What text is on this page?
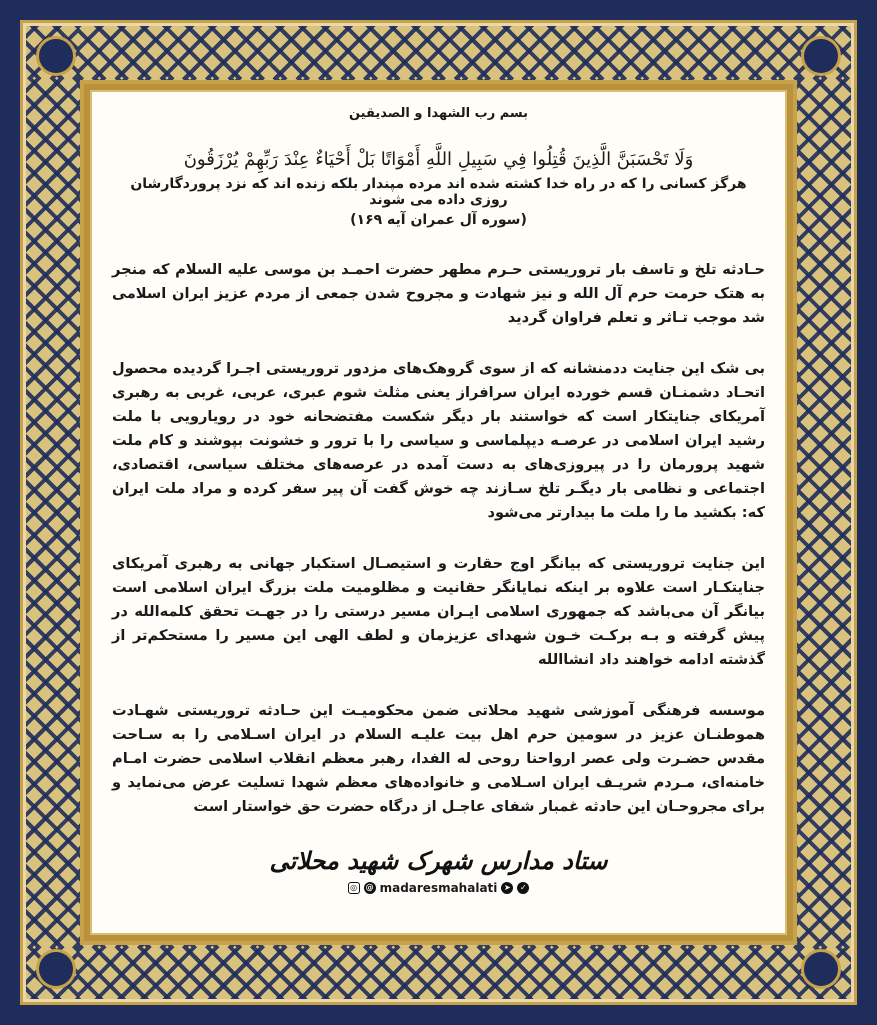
بسم رب الشهدا و الصدیقین
وَلَا تَحْسَبَنَّ الَّذِينَ قُتِلُوا فِي سَبِيلِ اللَّهِ أَمْوَاتًا بَلْ أَحْيَاءٌ عِنْدَ رَبِّهِمْ يُرْزَقُونَ
هرگز کسانی را که در راه خدا کشته شده اند مرده مپندار بلکه زنده اند که نزد پروردگارشان روزی داده می شوند
(سوره آل عمران آیه ۱۶۹)

حـادثه تلخ و تاسف بار تروریستی حـرم مطهر حضرت احمـد بن موسی علیه السلام که منجر به هتک حرمت حرم آل الله و نیز شهادت و مجروح شدن جمعی از مردم عزیز ایران اسلامی شد موجب تـاثر و تعلم فراوان گردید

بی شک این جنایت ددمنشانه که از سوی گروهک‌های مزدور تروریستی اجـرا گردیده محصول اتحـاد دشمنـان قسم خورده ایران سرافراز یعنی مثلث شوم عبری، عربی، غربی به رهبری آمریکای جنایتکار است که خواستند بار دیگر شکست مفتضحانه خود در رویارویی با ملت رشید ایران اسلامی در عرصـه دیپلماسی و سیاسی را با ترور و خشونت بپوشند و کام ملت شهید پرورمان را در پیروزی‌های به دست آمده در عرصه‌های مختلف سیاسی، اقتصادی، اجتماعی و نظامی بار دیگـر تلخ سـازند چه خوش گفت آن پیر سفر کرده و مراد ملت ایران که: بکشید ما را ملت ما بیدارتر می‌شود

این جنایت تروریستی که بیانگر اوج حقارت و استیصـال استکبار جهانی به رهبری آمریکای جنایتکـار است علاوه بر اینکه نمایانگر حقانیت و مظلومیت ملت بزرگ ایران اسلامی است بیانگر آن می‌باشد که جمهوری اسلامی ایـران مسیر درستی را در جهـت تحقق کلمه‌الله در پیش گرفته و بـه برکـت خـون شهدای عزیزمان و لطف الهی این مسیر را مستحکم‌تر از گذشته ادامه خواهند داد انشاالله

موسسه فرهنگی آموزشی شهید محلاتی ضمن محکومیـت این حـادثه تروریستی شهـادت هموطنـان عزیز در سومین حرم اهل بیت علیـه السلام در ایران اسـلامی را به سـاحت مقدس حضـرت ولی عصر ارواحنا روحی له الفدا، رهبر معظم انقلاب اسلامی حضرت امـام خامنه‌ای، مـردم شریـف ایران اسـلامی و خانواده‌های معظم شهدا تسلیت عرض می‌نماید و برای مجروحـان این حادثه غمبار شفای عاجـل از درگاه حضرت حق خواستار است

ستاد مدارس شهرک شهید محلاتی
◎	@ madaresmahalati ➤	✓
